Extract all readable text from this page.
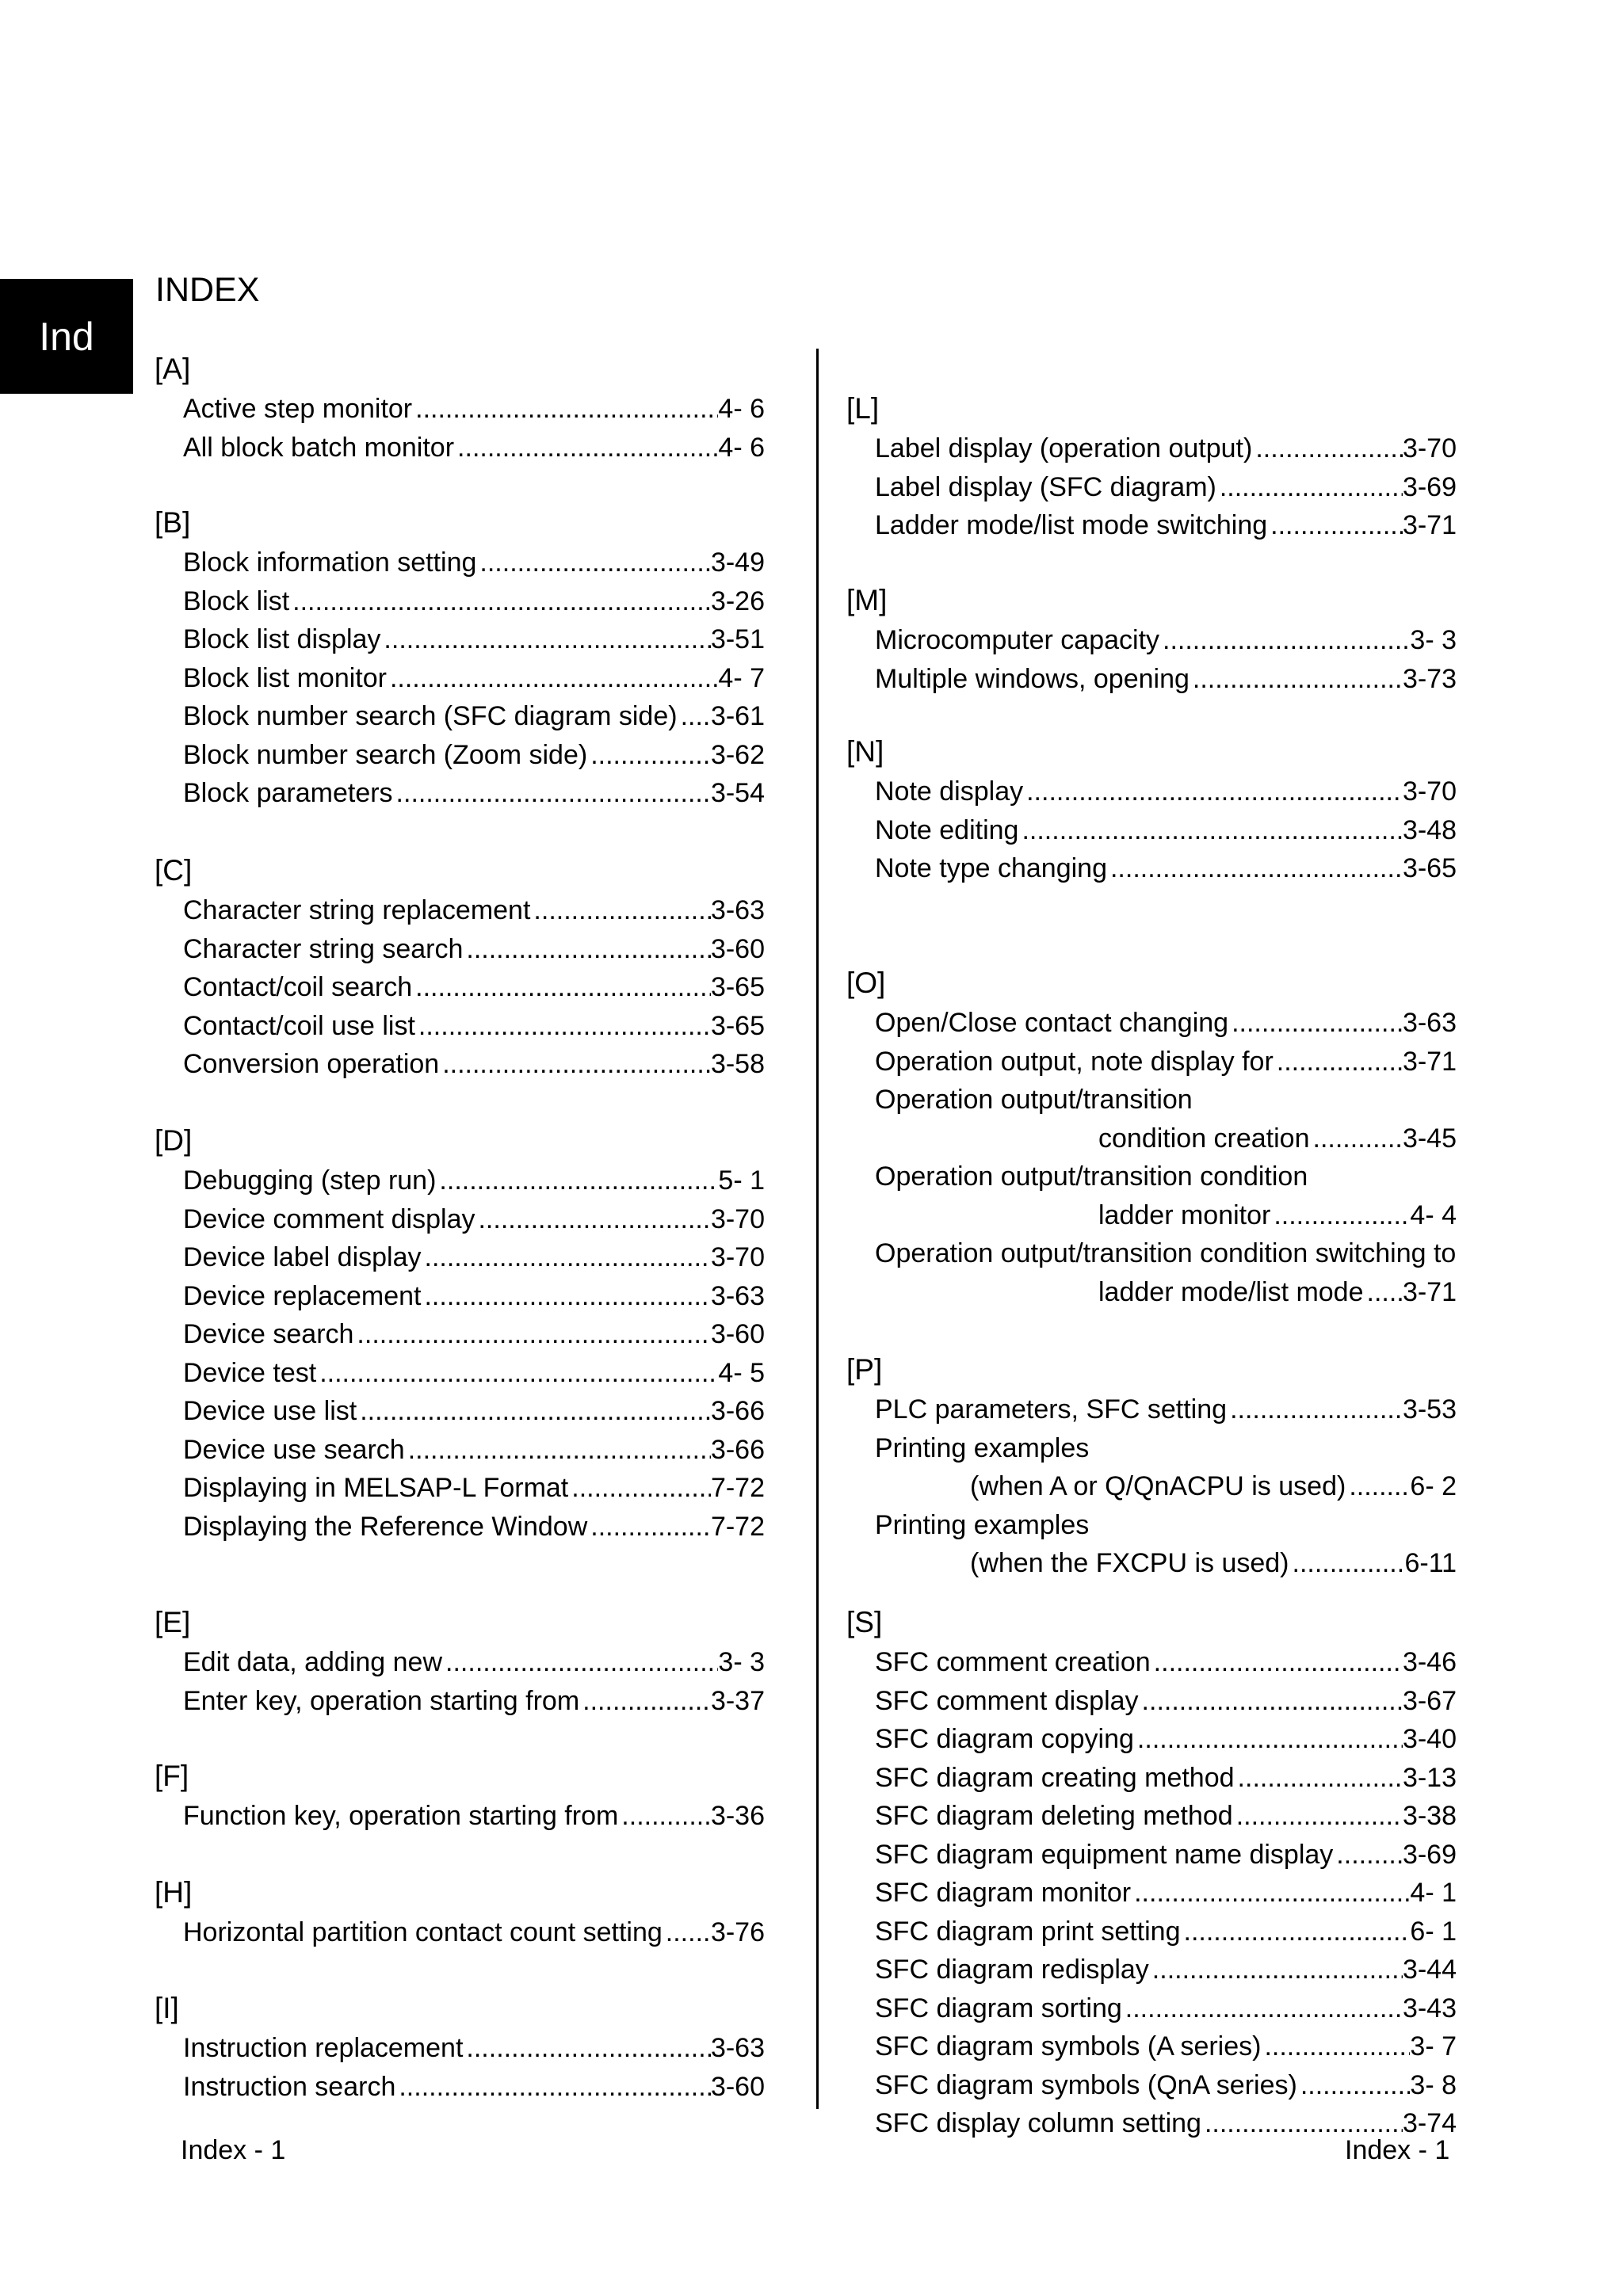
Ind
INDEX
[A]
Active step monitor .....	4- 6
All block batch monitor .....	4- 6
[B]
Block information setting .....	3-49
Block list .....	3-26
Block list display .....	3-51
Block list monitor .....	4- 7
Block number search (SFC diagram side) ..... 3-61
Block number search (Zoom side) .....	3-62
Block parameters .....	3-54
[C]
Character string replacement .....	3-63
Character string search .....	3-60
Contact/coil search .....	3-65
Contact/coil use list .....	3-65
Conversion operation .....	3-58
[D]
Debugging (step run) .....	5- 1
Device comment display .....	3-70
Device label display .....	3-70
Device replacement .....	3-63
Device search .....	3-60
Device test .....	4- 5
Device use list .....	3-66
Device use search .....	3-66
Displaying in MELSAP-L Format .....	7-72
Displaying the Reference Window .....	7-72
[E]
Edit data, adding new .....	3- 3
Enter key, operation starting from .....	3-37
[F]
Function key, operation starting from .....	3-36
[H]
Horizontal partition contact count setting ..... 3-76
[I]
Instruction replacement .....	3-63
Instruction search .....	3-60
[L]
Label display (operation output) .....	3-70
Label display (SFC diagram) .....	3-69
Ladder mode/list mode switching .....	3-71
[M]
Microcomputer capacity .....	3- 3
Multiple windows, opening .....	3-73
[N]
Note display .....	3-70
Note editing .....	3-48
Note type changing .....	3-65
[O]
Open/Close contact changing .....	3-63
Operation output, note display for .....	3-71
Operation output/transition
condition creation .....	3-45
Operation output/transition condition
ladder monitor .....	4- 4
Operation output/transition condition switching to
ladder mode/list mode ..... 3-71
[P]
PLC parameters, SFC setting .....	3-53
Printing examples
(when A or Q/QnACPU is used) ..... 6- 2
Printing examples
(when the FXCPU is used) .....	6-11
[S]
SFC comment creation .....	3-46
SFC comment display .....	3-67
SFC diagram copying .....	3-40
SFC diagram creating method .....	3-13
SFC diagram deleting method .....	3-38
SFC diagram equipment name display .....	3-69
SFC diagram monitor .....	4- 1
SFC diagram print setting .....	6- 1
SFC diagram redisplay .....	3-44
SFC diagram sorting .....	3-43
SFC diagram symbols (A series) .....	3- 7
SFC diagram symbols (QnA series) .....	3- 8
SFC display column setting .....	3-74
Index - 1	Index - 1
